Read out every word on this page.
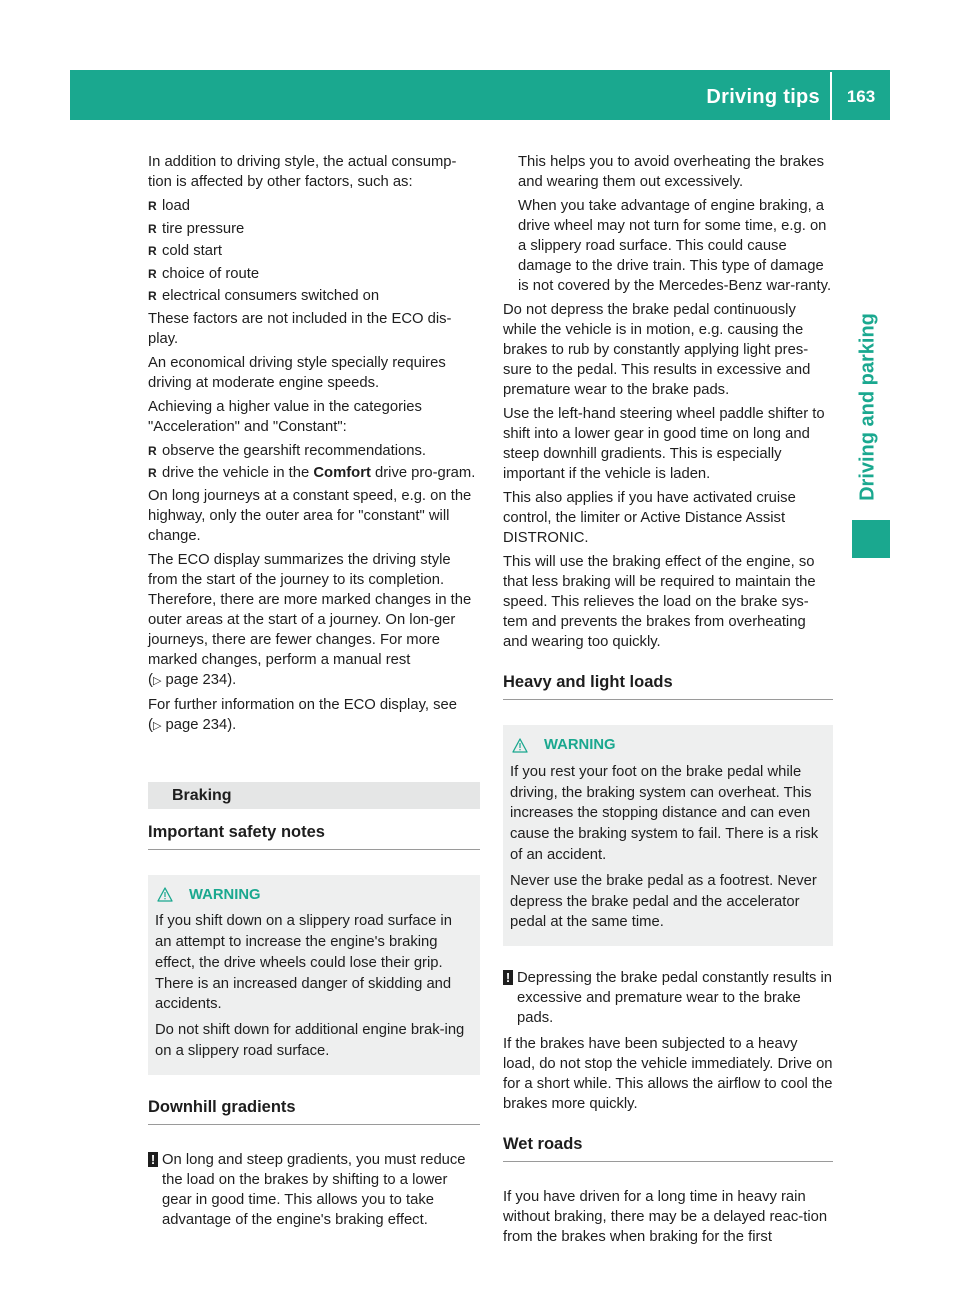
Driving tips	163
Driving and parking

In addition to driving style, the actual consump-tion is affected by other factors, such as:

R load
R tire pressure
R cold start
R choice of route
R electrical consumers switched on

These factors are not included in the ECO dis-play.

An economical driving style specially requires driving at moderate engine speeds.

Achieving a higher value in the categories "Acceleration" and "Constant":

R observe the gearshift recommendations.
R drive the vehicle in the Comfort drive pro-gram.

On long journeys at a constant speed, e.g. on the highway, only the outer area for "constant" will change.

The ECO display summarizes the driving style from the start of the journey to its completion. Therefore, there are more marked changes in the outer areas at the start of a journey. On lon-ger journeys, there are fewer changes. For more marked changes, perform a manual rest
(▷ page 234).

For further information on the ECO display, see
(▷ page 234).

Braking
Important safety notes
WARNING

If you shift down on a slippery road surface in an attempt to increase the engine's braking effect, the drive wheels could lose their grip. There is an increased danger of skidding and accidents.

Do not shift down for additional engine brak-ing on a slippery road surface.

Downhill gradients
! On long and steep gradients, you must reduce the load on the brakes by shifting to a lower gear in good time. This allows you to take advantage of the engine's braking effect.

This helps you to avoid overheating the brakes and wearing them out excessively.

When you take advantage of engine braking, a drive wheel may not turn for some time, e.g. on a slippery road surface. This could cause damage to the drive train. This type of damage is not covered by the Mercedes-Benz war-ranty.

Do not depress the brake pedal continuously while the vehicle is in motion, e.g. causing the brakes to rub by constantly applying light pres-sure to the pedal. This results in excessive and premature wear to the brake pads.

Use the left-hand steering wheel paddle shifter to shift into a lower gear in good time on long and steep downhill gradients. This is especially important if the vehicle is laden.

This also applies if you have activated cruise control, the limiter or Active Distance Assist DISTRONIC.

This will use the braking effect of the engine, so that less braking will be required to maintain the speed. This relieves the load on the brake sys-tem and prevents the brakes from overheating and wearing too quickly.

Heavy and light loads
WARNING

If you rest your foot on the brake pedal while driving, the braking system can overheat. This increases the stopping distance and can even cause the braking system to fail. There is a risk of an accident.

Never use the brake pedal as a footrest. Never depress the brake pedal and the accelerator pedal at the same time.

! Depressing the brake pedal constantly results in excessive and premature wear to the brake pads.

If the brakes have been subjected to a heavy load, do not stop the vehicle immediately. Drive on for a short while. This allows the airflow to cool the brakes more quickly.

Wet roads

If you have driven for a long time in heavy rain without braking, there may be a delayed reac-tion from the brakes when braking for the first
